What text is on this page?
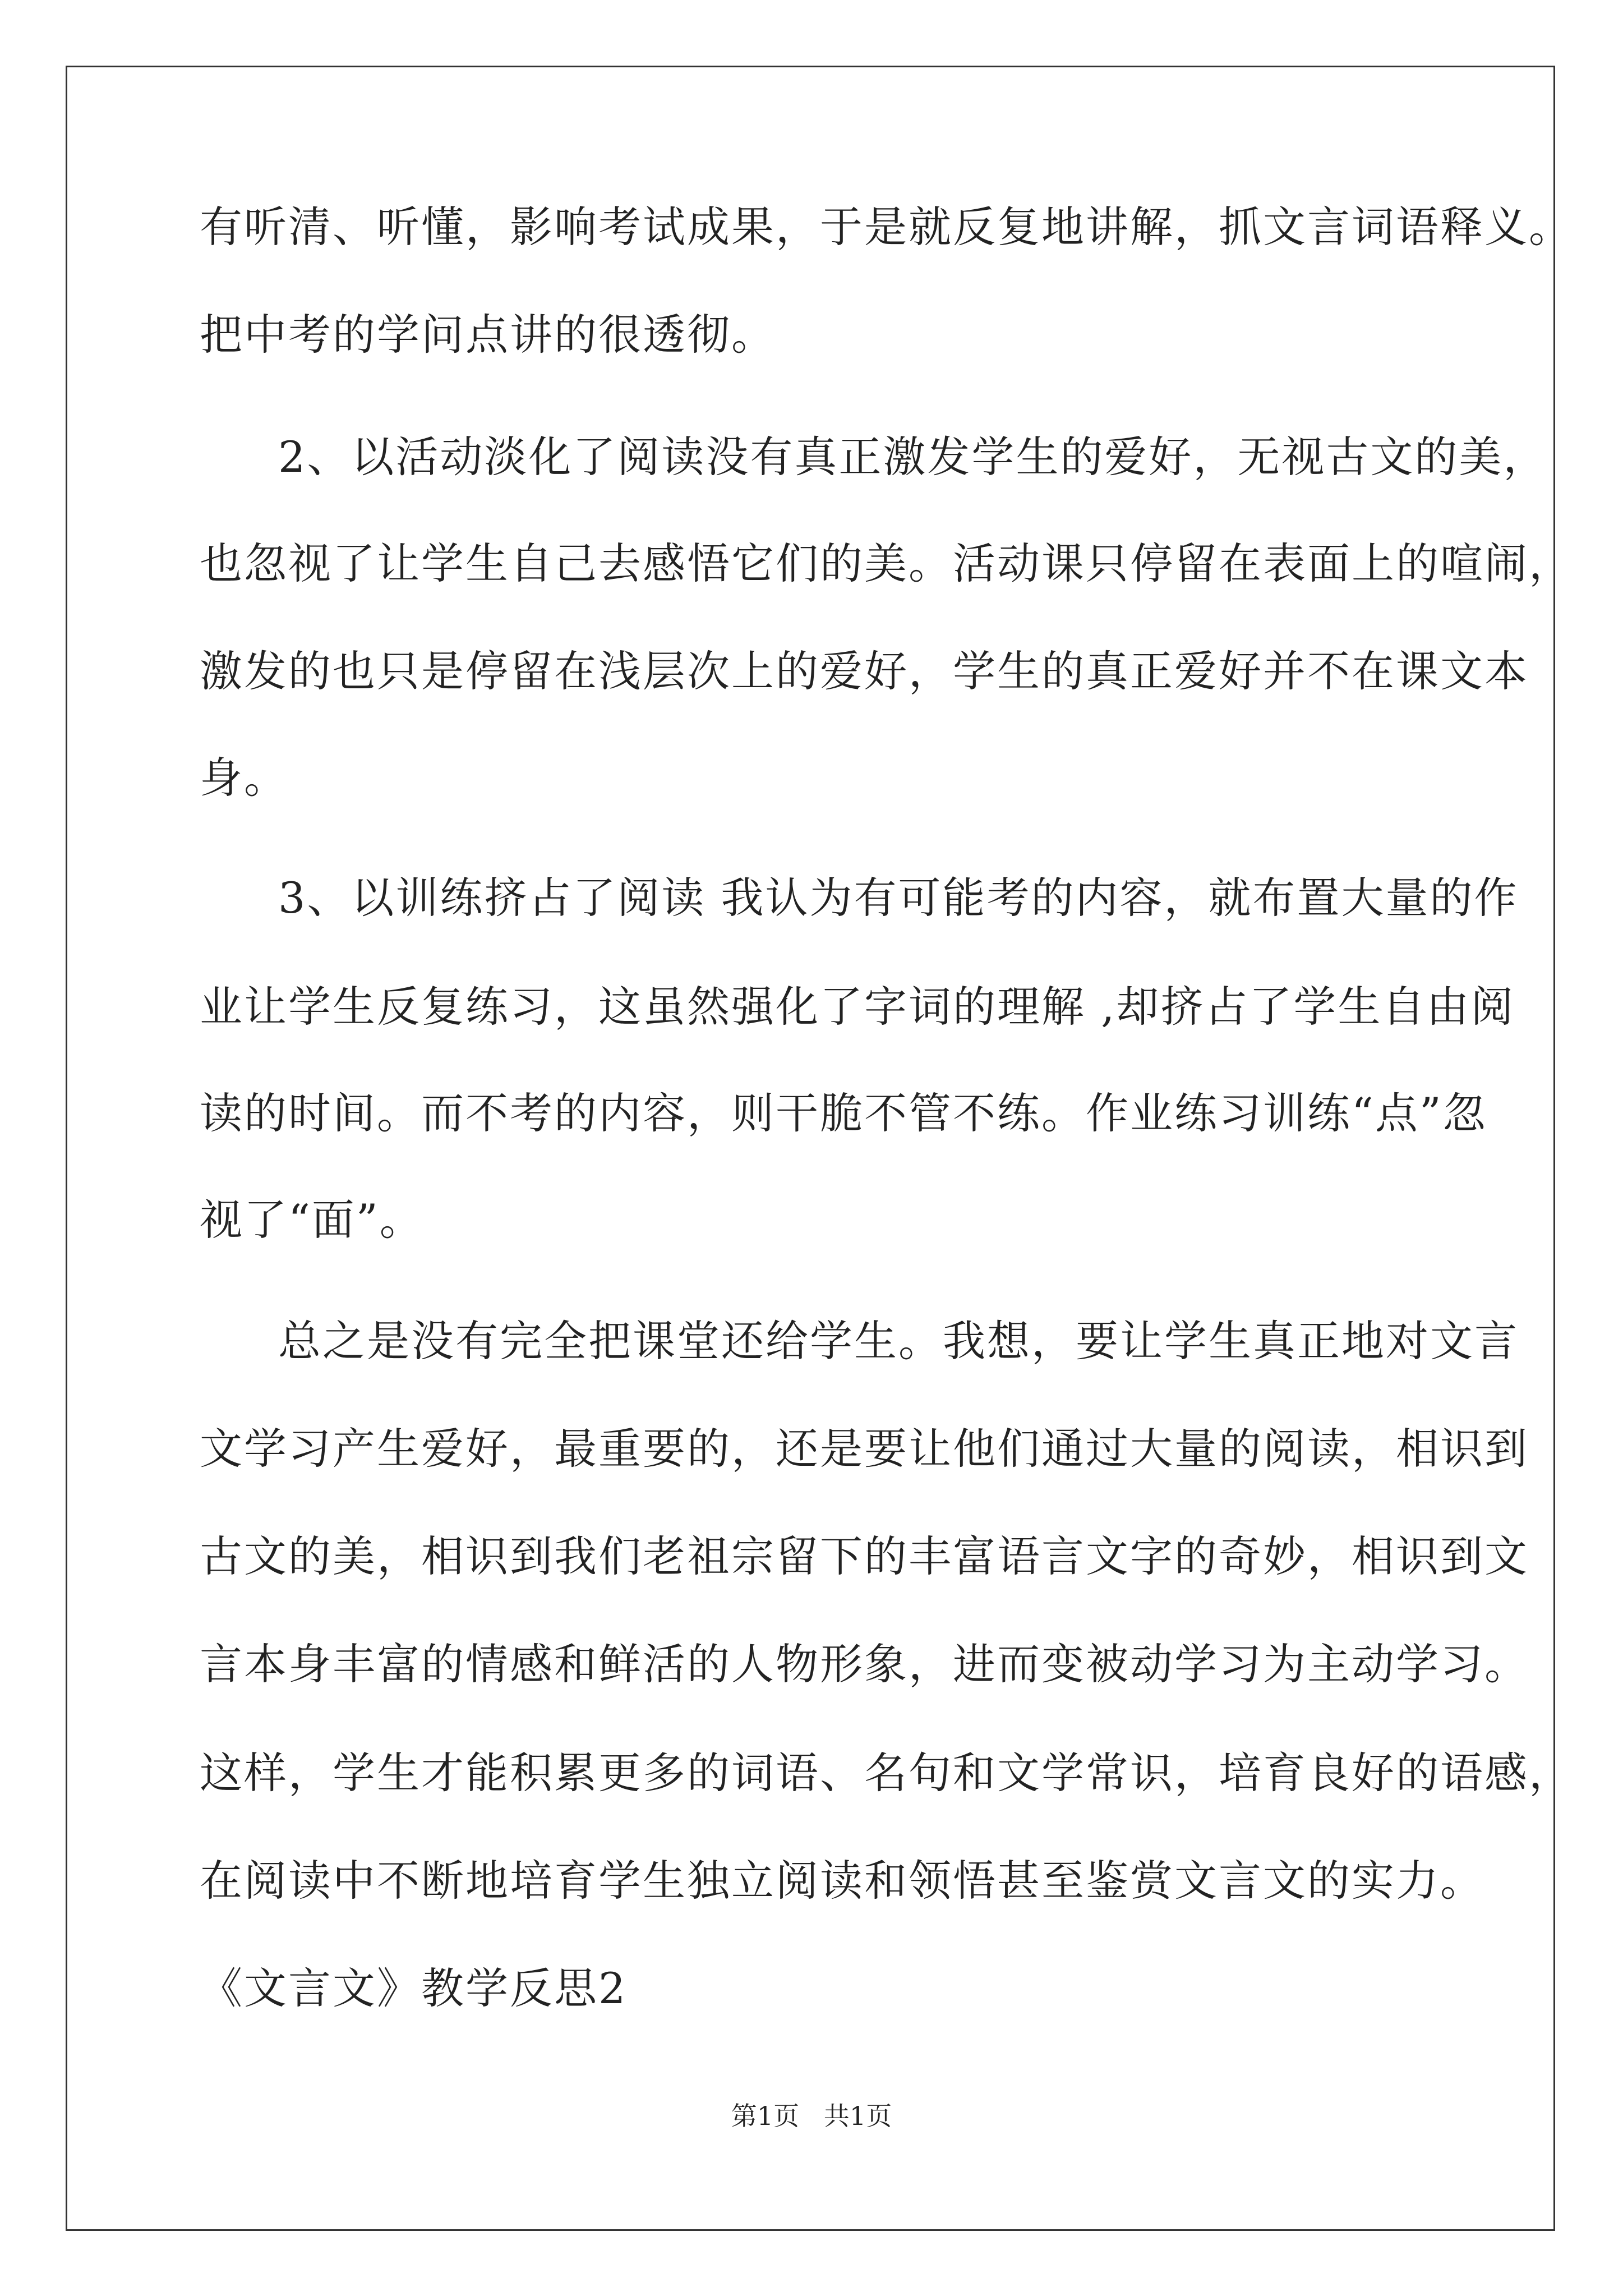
有听清、听懂，影响考试成果，于是就反复地讲解，抓文言词语释义。
把中考的学问点讲的很透彻。
2、以活动淡化了阅读没有真正激发学生的爱好，无视古文的美，
也忽视了让学生自己去感悟它们的美。活动课只停留在表面上的喧闹，
激发的也只是停留在浅层次上的爱好，学生的真正爱好并不在课文本
身。
3、以训练挤占了阅读 我认为有可能考的内容，就布置大量的作
业让学生反复练习，这虽然强化了字词的理解 ,却挤占了学生自由阅
读的时间。而不考的内容，则干脆不管不练。作业练习训练“点”忽
视了“面”。
总之是没有完全把课堂还给学生。我想，要让学生真正地对文言
文学习产生爱好，最重要的，还是要让他们通过大量的阅读，相识到
古文的美，相识到我们老祖宗留下的丰富语言文字的奇妙，相识到文
言本身丰富的情感和鲜活的人物形象，进而变被动学习为主动学习。
这样，学生才能积累更多的词语、名句和文学常识，培育良好的语感，
在阅读中不断地培育学生独立阅读和领悟甚至鉴赏文言文的实力。
《文言文》教学反思2
第1页   共1页
